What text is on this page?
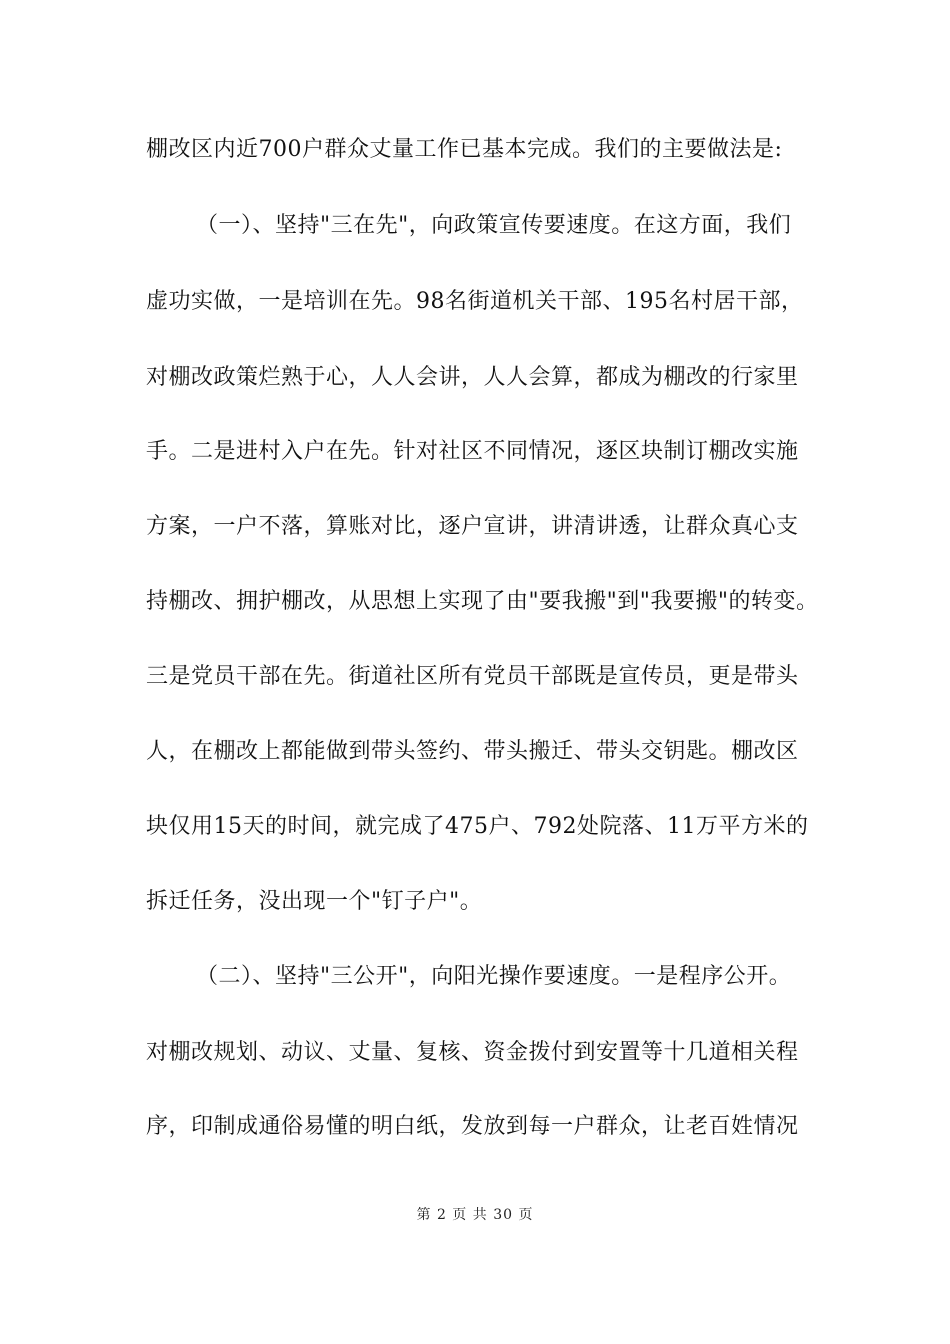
棚改区内近700户群众丈量工作已基本完成。我们的主要做法是:
（一）、坚持"三在先"，向政策宣传要速度。在这方面，我们
虚功实做，一是培训在先。98名街道机关干部、195名村居干部，
对棚改政策烂熟于心，人人会讲，人人会算，都成为棚改的行家里
手。二是进村入户在先。针对社区不同情况，逐区块制订棚改实施
方案，一户不落，算账对比，逐户宣讲，讲清讲透，让群众真心支
持棚改、拥护棚改，从思想上实现了由"要我搬"到"我要搬"的转变。
三是党员干部在先。街道社区所有党员干部既是宣传员，更是带头
人，在棚改上都能做到带头签约、带头搬迁、带头交钥匙。棚改区
块仅用15天的时间，就完成了475户、792处院落、11万平方米的
拆迁任务，没出现一个"钉子户"。
（二）、坚持"三公开"，向阳光操作要速度。一是程序公开。
对棚改规划、动议、丈量、复核、资金拨付到安置等十几道相关程
序，印制成通俗易懂的明白纸，发放到每一户群众，让老百姓情况
第 2 页 共 30 页
